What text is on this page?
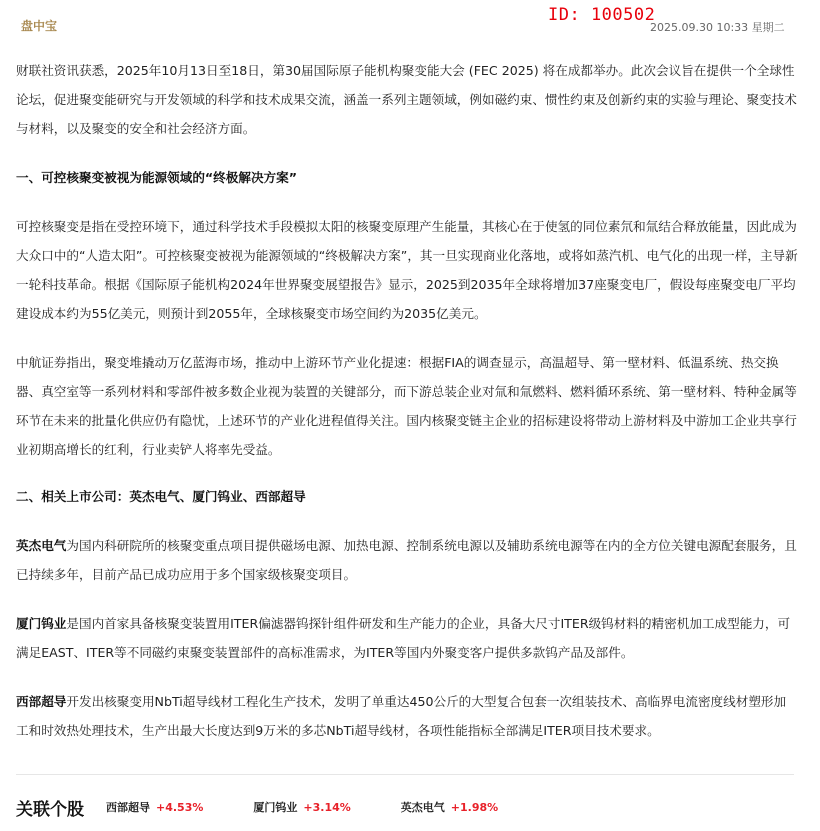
盘中宝
ID: 100502
2025.09.30 10:33 星期二

财联社资讯获悉，2025年10月13日至18日，第30届国际原子能机构聚变能大会 (FEC 2025) 将在成都举办。此次会议旨在提供一个全球性论坛，促进聚变能研究与开发领域的科学和技术成果交流，涵盖一系列主题领域，例如磁约束、惯性约束及创新约束的实验与理论、聚变技术与材料，以及聚变的安全和社会经济方面。

一、可控核聚变被视为能源领域的“终极解决方案”

可控核聚变是指在受控环境下，通过科学技术手段模拟太阳的核聚变原理产生能量，其核心在于使氢的同位素氘和氚结合释放能量，因此成为大众口中的“人造太阳”。可控核聚变被视为能源领域的“终极解决方案”，其一旦实现商业化落地，或将如蒸汽机、电气化的出现一样，主导新一轮科技革命。根据《国际原子能机构2024年世界聚变展望报告》显示，2025到2035年全球将增加37座聚变电厂，假设每座聚变电厂平均建设成本约为55亿美元，则预计到2055年，全球核聚变市场空间约为2035亿美元。

中航证券指出，聚变堆撬动万亿蓝海市场，推动中上游环节产业化提速：根据FIA的调查显示，高温超导、第一壁材料、低温系统、热交换器、真空室等一系列材料和零部件被多数企业视为装置的关键部分，而下游总装企业对氚和氚燃料、燃料循环系统、第一壁材料、特种金属等环节在未来的批量化供应仍有隐忧，上述环节的产业化进程值得关注。国内核聚变链主企业的招标建设将带动上游材料及中游加工企业共享行业初期高增长的红利，行业卖铲人将率先受益。

二、相关上市公司：英杰电气、厦门钨业、西部超导

英杰电气为国内科研院所的核聚变重点项目提供磁场电源、加热电源、控制系统电源以及辅助系统电源等在内的全方位关键电源配套服务，且已持续多年，目前产品已成功应用于多个国家级核聚变项目。

厦门钨业是国内首家具备核聚变装置用ITER偏滤器钨探针组件研发和生产能力的企业，具备大尺寸ITER级钨材料的精密机加工成型能力，可满足EAST、ITER等不同磁约束聚变装置部件的高标准需求，为ITER等国内外聚变客户提供多款钨产品及部件。

西部超导开发出核聚变用NbTi超导线材工程化生产技术，发明了单重达450公斤的大型复合包套一次组装技术、高临界电流密度线材塑形加工和时效热处理技术，生产出最大长度达到9万米的多芯NbTi超导线材，各项性能指标全部满足ITER项目技术要求。

关联个股 西部超导 +4.53%	厦门钨业 +3.14%	英杰电气 +1.98%
